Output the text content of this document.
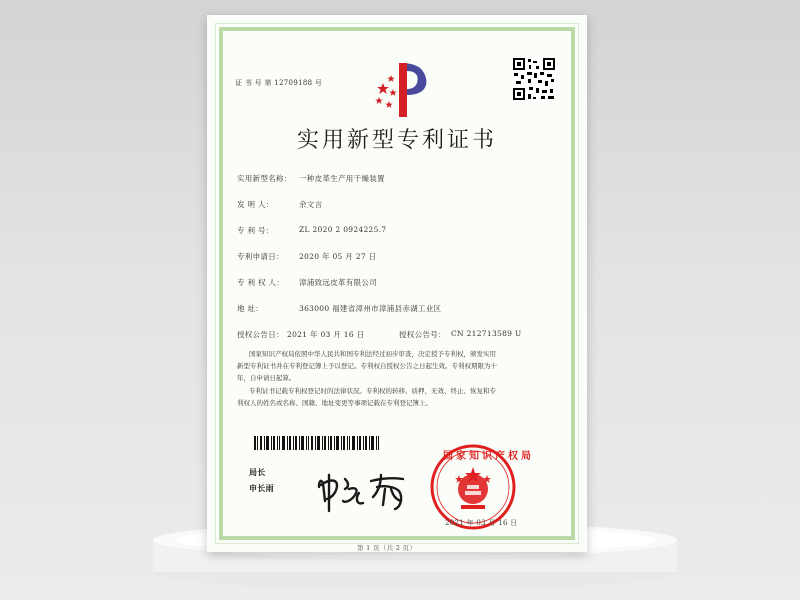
证 书 号 第 12709188 号
实用新型专利证书
实用新型名称： 一种皮革生产用干燥装置
发 明 人：	余文言
专 利 号：	ZL 2020 2 0924225.7
专利申请日： 2020 年 05 月 27 日
专 利 权 人： 漳浦致远皮革有限公司
地 址：	363000 福建省漳州市漳浦县赤湖工业区
授权公告日： 2021 年 03 月 16 日	授权公告号： CN 212713589 U
国家知识产权局依照中华人民共和国专利法经过初步审查，决定授予专利权，颁发实用
新型专利证书并在专利登记簿上予以登记。专利权自授权公告之日起生效。专利权期限为十
年，自申请日起算。
专利证书记载专利权登记时的法律状况。专利权的转移、质押、无效、终止、恢复和专
利权人的姓名或名称、国籍、地址变更等事项记载在专利登记簿上。
局长
申长雨
国家知识产权局
2021 年 03 月 16 日
第 1 页（共 2 页）
